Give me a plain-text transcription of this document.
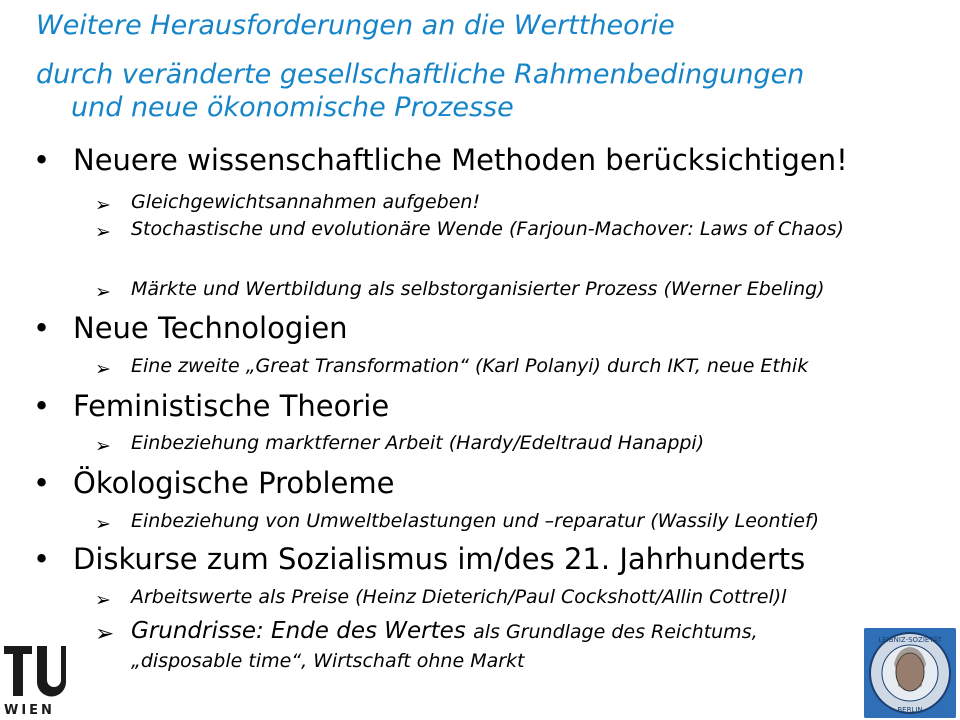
Weitere Herausforderungen an die Werttheorie
durch veränderte gesellschaftliche Rahmenbedingungen
und neue ökonomische Prozesse
• Neuere wissenschaftliche Methoden berücksichtigen!
➢ Gleichgewichtsannahmen aufgeben!
➢ Stochastische und evolutionäre Wende (Farjoun-Machover: Laws of Chaos)
➢ Märkte und Wertbildung als selbstorganisierter Prozess (Werner Ebeling)
• Neue Technologien
➢ Eine zweite „Great Transformation“ (Karl Polanyi) durch IKT, neue Ethik
• Feministische Theorie
➢ Einbeziehung marktferner Arbeit (Hardy/Edeltraud Hanappi)
• Ökologische Probleme
➢ Einbeziehung von Umweltbelastungen und –reparatur (Wassily Leontief)
• Diskurse zum Sozialismus im/des 21. Jahrhunderts
➢ Arbeitswerte als Preise (Heinz Dieterich/Paul Cockshott/Allin Cottrel)l
➢ Grundrisse: Ende des Wertes als Grundlage des Reichtums,
„disposable time“, Wirtschaft ohne Markt
WIEN
LEIBNIZ-SOZIETÄT
BERLIN
